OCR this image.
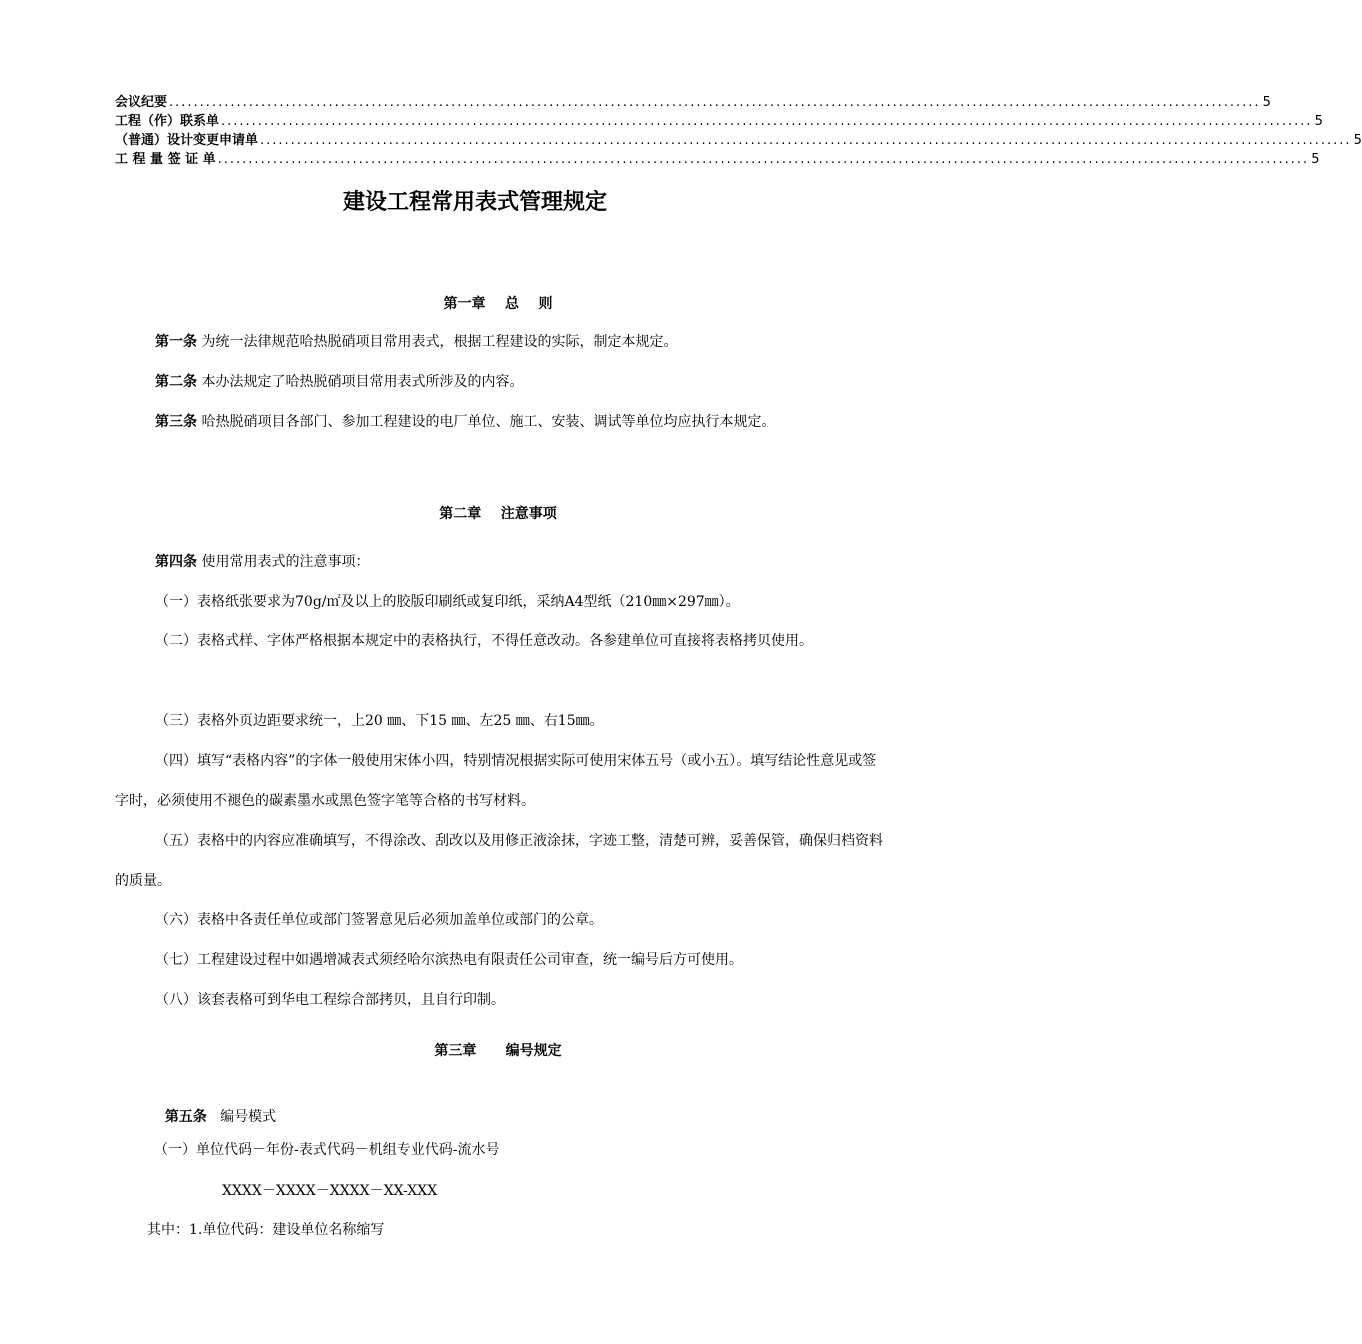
会议纪要 .................................................................................................................................................................................. 5
工程（作）联系单 .................................................................................................................................................................................. 5
（普通）设计变更申请单 .................................................................................................................................................................................. 5
工 程 量 签 证 单 .................................................................................................................................................................................. 5
建设工程常用表式管理规定
第一章    总    则
第一条 为统一法律规范哈热脱硝项目常用表式，根据工程建设的实际，制定本规定。
第二条 本办法规定了哈热脱硝项目常用表式所涉及的内容。
第三条 哈热脱硝项目各部门、参加工程建设的电厂单位、施工、安装、调试等单位均应执行本规定。
第二章    注意事项
第四条 使用常用表式的注意事项：
（一）表格纸张要求为70g/㎡及以上的胶版印刷纸或复印纸，采纳A4型纸（210㎜×297㎜）。
（二）表格式样、字体严格根据本规定中的表格执行，不得任意改动。各参建单位可直接将表格拷贝使用。
（三）表格外页边距要求统一，上20 ㎜、下15 ㎜、左25 ㎜、右15㎜。
（四）填写“表格内容”的字体一般使用宋体小四，特别情况根据实际可使用宋体五号（或小五）。填写结论性意见或签字时，必须使用不褪色的碳素墨水或黑色签字笔等合格的书写材料。
（五）表格中的内容应准确填写，不得涂改、刮改以及用修正液涂抹，字迹工整，清楚可辨，妥善保管，确保归档资料的质量。
（六）表格中各责任单位或部门签署意见后必须加盖单位或部门的公章。
（七）工程建设过程中如遇增减表式须经哈尔滨热电有限责任公司审查，统一编号后方可使用。
（八）该套表格可到华电工程综合部拷贝，且自行印制。
第三章      编号规定

第五条   编号模式

（一）单位代码－年份-表式代码－机组专业代码-流水号
XXXX－XXXX－XXXX－XX-XXX
其中：1.单位代码：建设单位名称缩写
